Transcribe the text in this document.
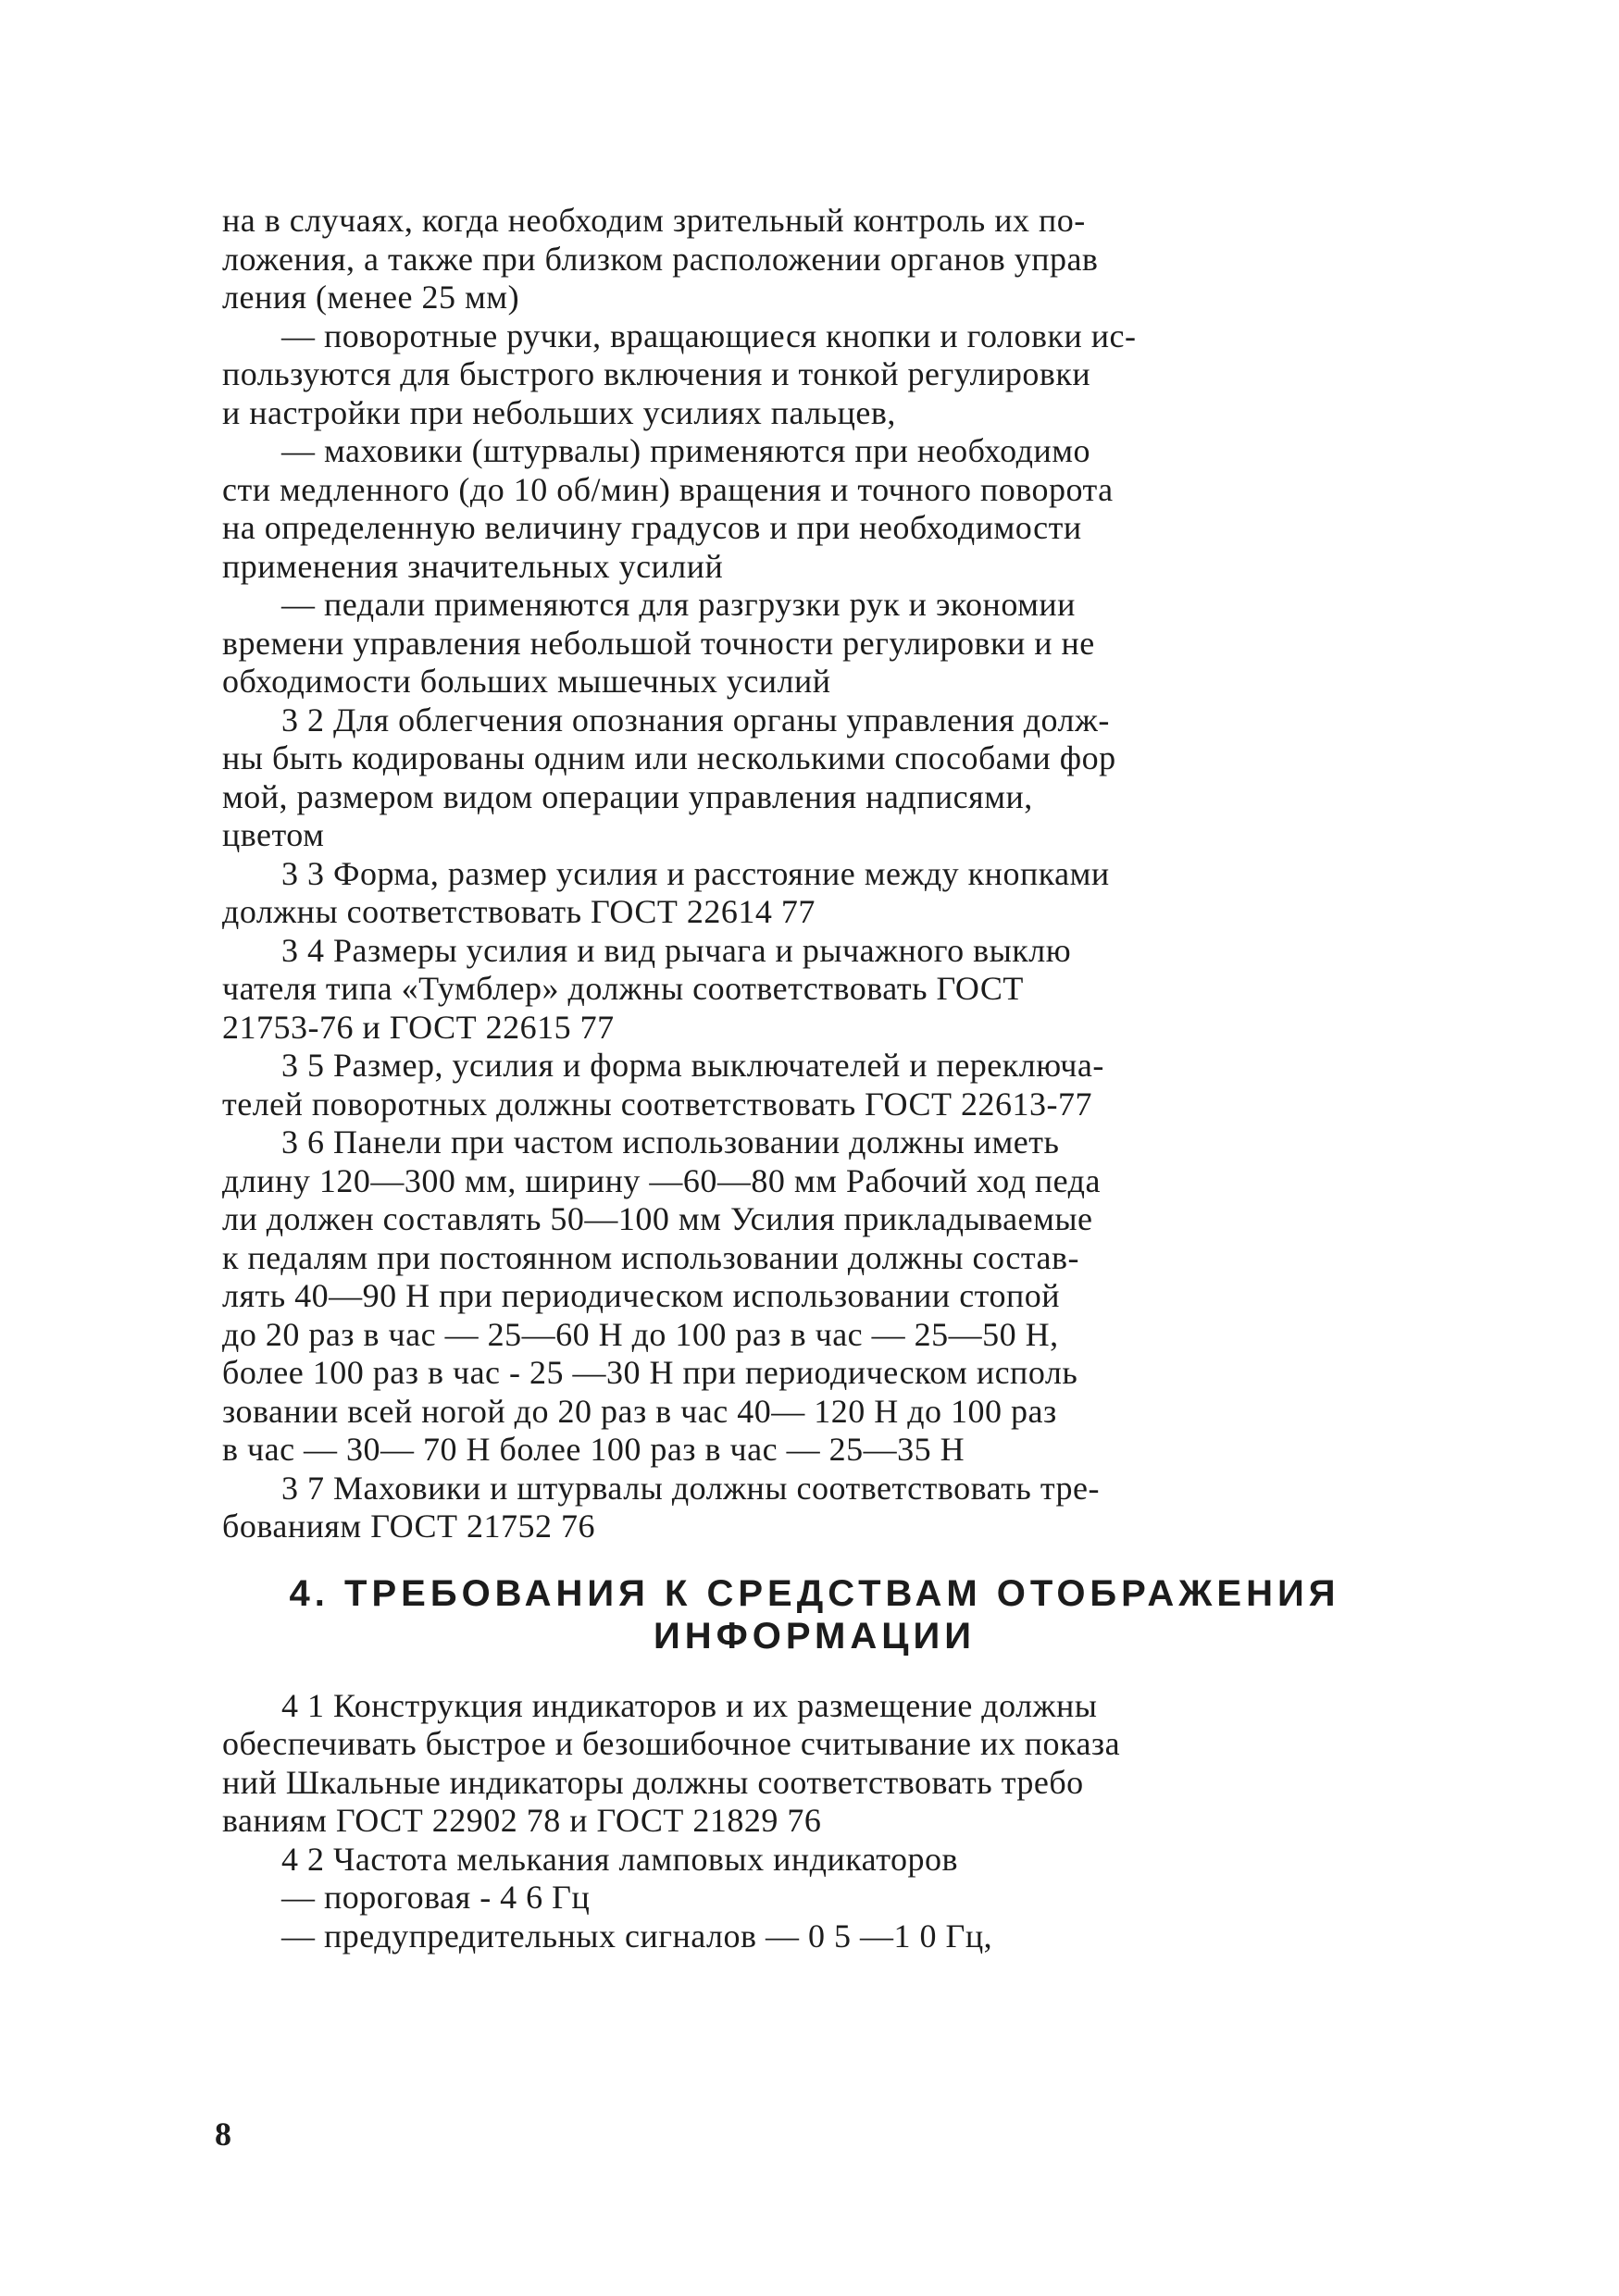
на в случаях, когда необходим зрительный контроль их по-
ложения, а также при близком расположении органов управ
ления (менее 25 мм)
— поворотные ручки, вращающиеся кнопки и головки ис-
пользуются для быстрого включения и тонкой регулировки
и настройки при небольших усилиях пальцев,
— маховики (штурвалы) применяются при необходимо
сти медленного (до 10 об/мин) вращения и точного поворота
на определенную величину градусов и при необходимости
применения значительных усилий
— педали применяются для разгрузки рук и экономии
времени управления небольшой точности регулировки и не
обходимости больших мышечных усилий
3 2 Для облегчения опознания органы управления долж-
ны быть кодированы одним или несколькими способами фор
мой, размером видом операции управления надписями,
цветом
3 3 Форма, размер усилия и расстояние между кнопками
должны соответствовать ГОСТ 22614 77
3 4 Размеры усилия и вид рычага и рычажного выклю
чателя типа «Тумблер» должны соответствовать ГОСТ
21753-76 и ГОСТ 22615 77
3 5 Размер, усилия и форма выключателей и переключа-
телей поворотных должны соответствовать ГОСТ 22613-77
3 6 Панели при частом использовании должны иметь
длину 120—300 мм, ширину —60—80 мм Рабочий ход педа
ли должен составлять 50—100 мм Усилия прикладываемые
к педалям при постоянном использовании должны состав-
лять 40—90 Н при периодическом использовании стопой
до 20 раз в час — 25—60 Н до 100 раз в час — 25—50 Н,
более 100 раз в час - 25 —30 Н при периодическом исполь
зовании всей ногой до 20 раз в час 40— 120 Н до 100 раз
в час — 30— 70 Н более 100 раз в час — 25—35 Н
3 7 Маховики и штурвалы должны соответствовать тре-
бованиям ГОСТ 21752 76
4. ТРЕБОВАНИЯ К СРЕДСТВАМ ОТОБРАЖЕНИЯ
ИНФОРМАЦИИ
4 1 Конструкция индикаторов и их размещение должны
обеспечивать быстрое и безошибочное считывание их показа
ний Шкальные индикаторы должны соответствовать требо
ваниям ГОСТ 22902 78 и ГОСТ 21829 76
4 2 Частота мелькания ламповых индикаторов
— пороговая - 4 6 Гц
— предупредительных сигналов — 0 5 —1 0 Гц,
8
